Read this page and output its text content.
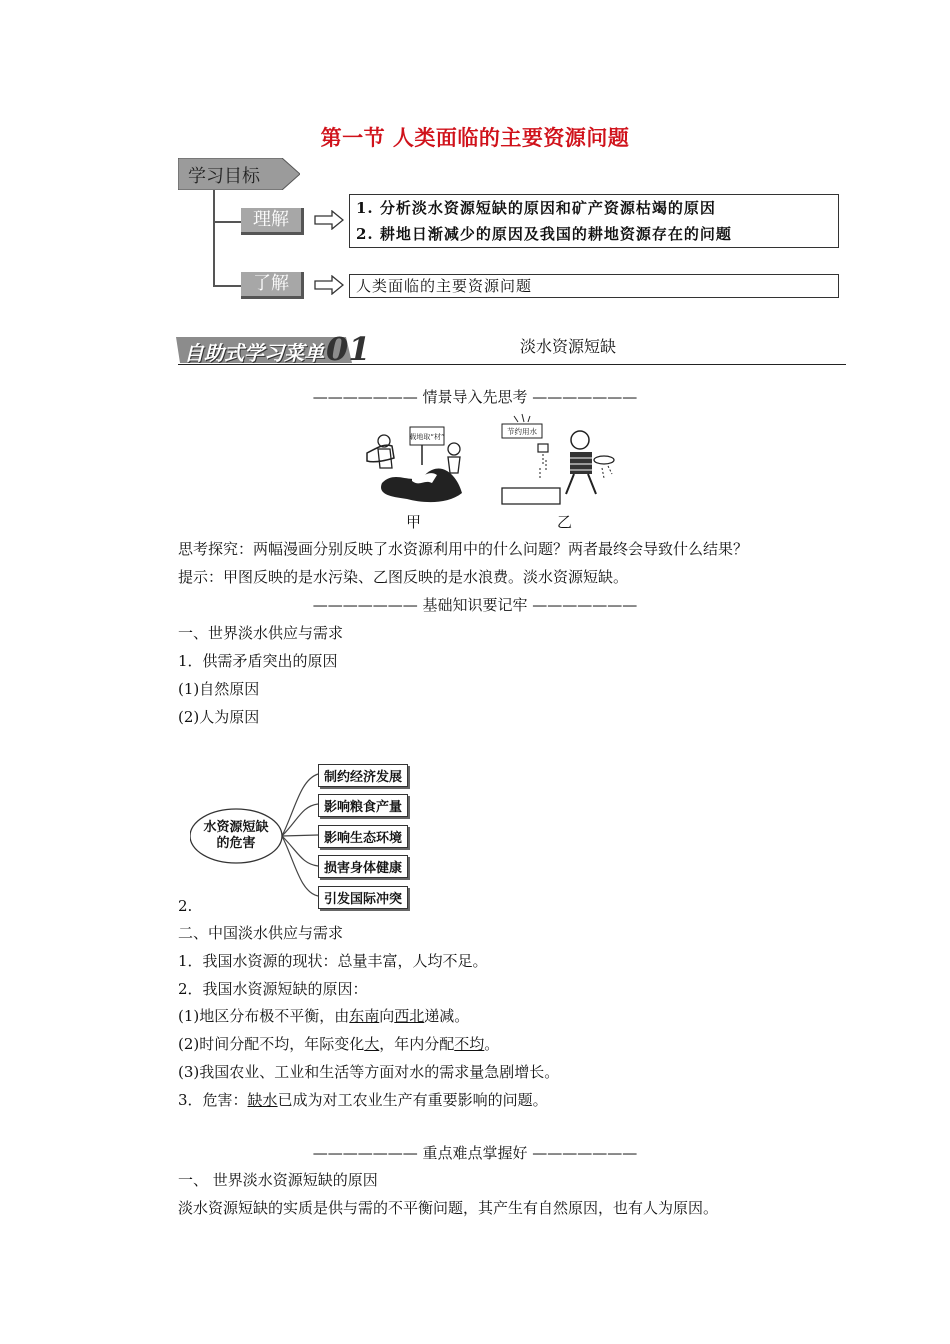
第一节 人类面临的主要资源问题
学习目标
理解
1. 分析淡水资源短缺的原因和矿产资源枯竭的原因
2. 耕地日渐减少的原因及我国的耕地资源存在的问题
了解	人类面临的主要资源问题
自助式学习菜单 01	淡水资源短缺
——————— 情景导入先思考 ———————
载地取“材”
节约用水
甲	乙
思考探究：两幅漫画分别反映了水资源利用中的什么问题？两者最终会导致什么结果？
提示：甲图反映的是水污染、乙图反映的是水浪费。淡水资源短缺。
——————— 基础知识要记牢 ———————
一、世界淡水供应与需求
1．供需矛盾突出的原因
(1)自然原因
(2)人为原因
水资源短缺
的危害
制约经济发展
影响粮食产量
影响生态环境
损害身体健康
引发国际冲突
2.
二、中国淡水供应与需求
1．我国水资源的现状：总量丰富，人均不足。
2．我国水资源短缺的原因：
(1)地区分布极不平衡，由东南向西北递减。
(2)时间分配不均，年际变化大，年内分配不均。
(3)我国农业、工业和生活等方面对水的需求量急剧增长。
3．危害：缺水已成为对工农业生产有重要影响的问题。
——————— 重点难点掌握好 ———————
一、 世界淡水资源短缺的原因
淡水资源短缺的实质是供与需的不平衡问题，其产生有自然原因，也有人为原因。
